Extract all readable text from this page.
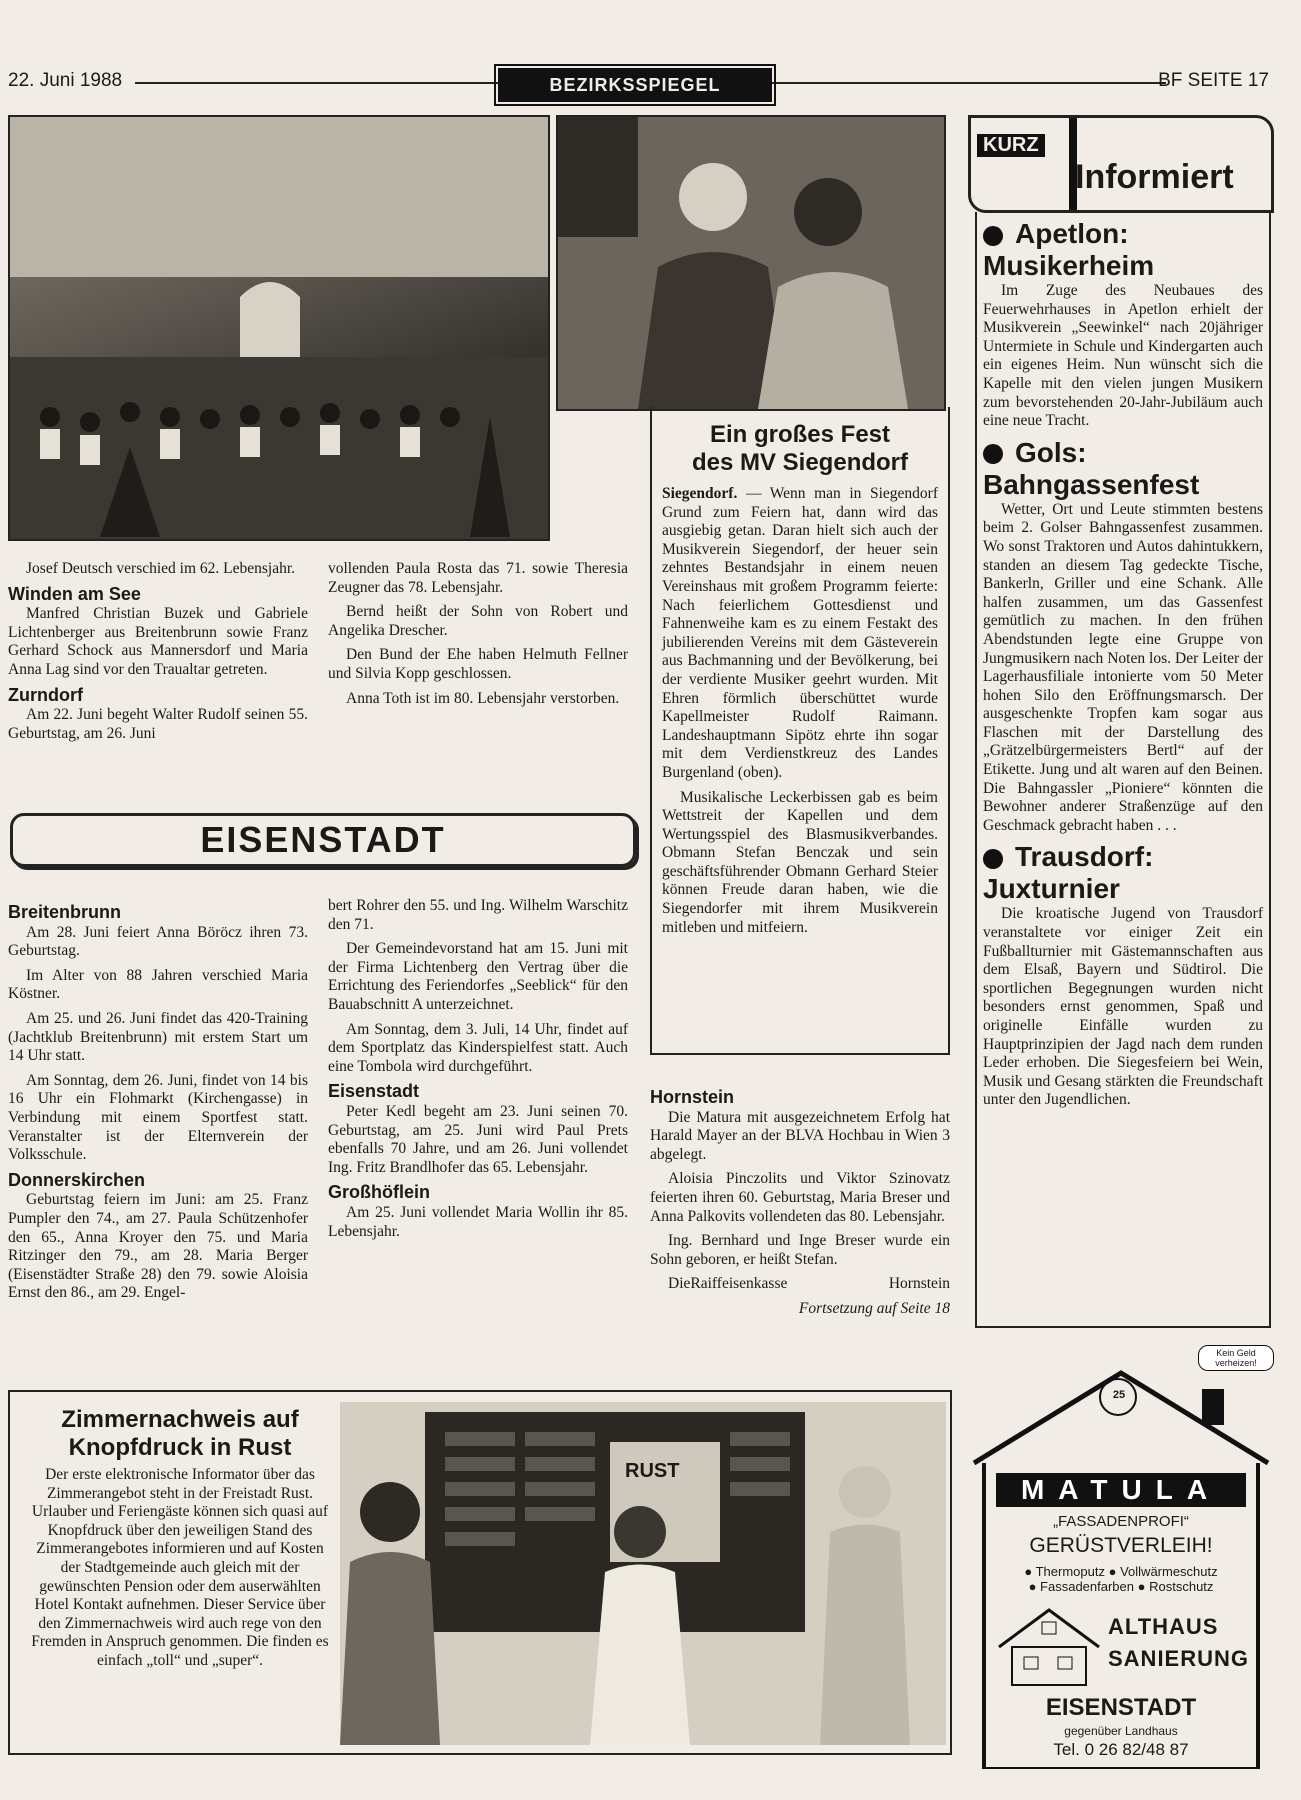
22. Juni 1988	BEZIRKSSPIEGEL	BF SEITE 17

Josef Deutsch verschied im 62. Lebensjahr.

Winden am See

Manfred Christian Buzek und Gabriele Lichtenberger aus Breitenbrunn sowie Franz Gerhard Schock aus Mannersdorf und Maria Anna Lag sind vor den Traualtar getreten.

Zurndorf

Am 22. Juni begeht Walter Rudolf seinen 55. Geburtstag, am 26. Juni

vollenden Paula Rosta das 71. sowie Theresia Zeugner das 78. Lebensjahr.

Bernd heißt der Sohn von Robert und Angelika Drescher.

Den Bund der Ehe haben Helmuth Fellner und Silvia Kopp geschlossen.

Anna Toth ist im 80. Lebensjahr verstorben.

EISENSTADT
Breitenbrunn

Am 28. Juni feiert Anna Böröcz ihren 73. Geburtstag.

Im Alter von 88 Jahren verschied Maria Köstner.

Am 25. und 26. Juni findet das 420-Training (Jachtklub Breitenbrunn) mit erstem Start um 14 Uhr statt.

Am Sonntag, dem 26. Juni, findet von 14 bis 16 Uhr ein Flohmarkt (Kirchengasse) in Verbindung mit einem Sportfest statt. Veranstalter ist der Elternverein der Volksschule.

Donnerskirchen

Geburtstag feiern im Juni: am 25. Franz Pumpler den 74., am 27. Paula Schützenhofer den 65., Anna Kroyer den 75. und Maria Ritzinger den 79., am 28. Maria Berger (Eisenstädter Straße 28) den 79. sowie Aloisia Ernst den 86., am 29. Engel-

bert Rohrer den 55. und Ing. Wilhelm Warschitz den 71.

Der Gemeindevorstand hat am 15. Juni mit der Firma Lichtenberg den Vertrag über die Errichtung des Feriendorfes „Seeblick“ für den Bauabschnitt A unterzeichnet.

Am Sonntag, dem 3. Juli, 14 Uhr, findet auf dem Sportplatz das Kinderspielfest statt. Auch eine Tombola wird durchgeführt.

Eisenstadt

Peter Kedl begeht am 23. Juni seinen 70. Geburtstag, am 25. Juni wird Paul Prets ebenfalls 70 Jahre, und am 26. Juni vollendet Ing. Fritz Brandlhofer das 65. Lebensjahr.

Großhöflein

Am 25. Juni vollendet Maria Wollin ihr 85. Lebensjahr.

Ein großes Fest
des MV Siegendorf

Siegendorf. — Wenn man in Siegendorf Grund zum Feiern hat, dann wird das ausgiebig getan. Daran hielt sich auch der Musikverein Siegendorf, der heuer sein zehntes Bestandsjahr in einem neuen Vereinshaus mit großem Programm feierte: Nach feierlichem Gottesdienst und Fahnenweihe kam es zu einem Festakt des jubilierenden Vereins mit dem Gästeverein aus Bachmanning und der Bevölkerung, bei der verdiente Musiker geehrt wurden. Mit Ehren förmlich überschüttet wurde Kapellmeister Rudolf Raimann. Landeshauptmann Sipötz ehrte ihn sogar mit dem Verdienstkreuz des Landes Burgenland (oben).

Musikalische Leckerbissen gab es beim Wettstreit der Kapellen und dem Wertungsspiel des Blasmusikverbandes. Obmann Stefan Benczak und sein geschäftsführender Obmann Gerhard Steier können Freude daran haben, wie die Siegendorfer mit ihrem Musikverein mitleben und mitfeiern.

Hornstein

Die Matura mit ausgezeichnetem Erfolg hat Harald Mayer an der BLVA Hochbau in Wien 3 abgelegt.

Aloisia Pinczolits und Viktor Szinovatz feierten ihren 60. Geburtstag, Maria Breser und Anna Palkovits vollendeten das 80. Lebensjahr.

Ing. Bernhard und Inge Breser wurde ein Sohn geboren, er heißt Stefan.

DieRaiffeisenkasse Hornstein

Fortsetzung auf Seite 18
KURZ
Informiert
Apetlon:
Musikerheim

Im Zuge des Neubaues des Feuerwehrhauses in Apetlon erhielt der Musikverein „Seewinkel“ nach 20jähriger Untermiete in Schule und Kindergarten auch ein eigenes Heim. Nun wünscht sich die Kapelle mit den vielen jungen Musikern zum bevorstehenden 20-Jahr-Jubiläum auch eine neue Tracht.

Gols:
Bahngassenfest

Wetter, Ort und Leute stimmten bestens beim 2. Golser Bahngassenfest zusammen. Wo sonst Traktoren und Autos dahintukkern, standen an diesem Tag gedeckte Tische, Bankerln, Griller und eine Schank. Alle halfen zusammen, um das Gassenfest gemütlich zu machen. In den frühen Abendstunden legte eine Gruppe von Jungmusikern nach Noten los. Der Leiter der Lagerhausfiliale intonierte vom 50 Meter hohen Silo den Eröffnungsmarsch. Der ausgeschenkte Tropfen kam sogar aus Flaschen mit der Darstellung des „Grätzelbürgermeisters Bertl“ auf der Etikette. Jung und alt waren auf den Beinen. Die Bahngassler „Pioniere“ könnten die Bewohner anderer Straßenzüge auf den Geschmack gebracht haben . . .

Trausdorf:
Juxturnier

Die kroatische Jugend von Trausdorf veranstaltete vor einiger Zeit ein Fußballturnier mit Gästemannschaften aus dem Elsaß, Bayern und Südtirol. Die sportlichen Begegnungen wurden nicht besonders ernst genommen, Spaß und originelle Einfälle wurden zu Hauptprinzipien der Jagd nach dem runden Leder erhoben. Die Siegesfeiern bei Wein, Musik und Gesang stärkten die Freundschaft unter den Jugendlichen.

RUST
Zimmernachweis auf
Knopfdruck in Rust

Der erste elektronische Informator über das Zimmerangebot steht in der Freistadt Rust. Urlauber und Feriengäste können sich quasi auf Knopfdruck über den jeweiligen Stand des Zimmerangebotes informieren und auf Kosten der Stadtgemeinde auch gleich mit der gewünschten Pension oder dem auserwählten Hotel Kontakt aufnehmen. Dieser Service über den Zimmernachweis wird auch rege von den Fremden in Anspruch genommen. Die finden es einfach „toll“ und „super“.

25
Kein Geld verheizen!
MATULA
„FASSADENPROFI“
GERÜSTVERLEIH!
● Thermoputz ● Vollwärmeschutz
● Fassadenfarben ● Rostschutz
ALTHAUS
SANIERUNG
EISENSTADT
gegenüber Landhaus
Tel. 0 26 82/48 87
